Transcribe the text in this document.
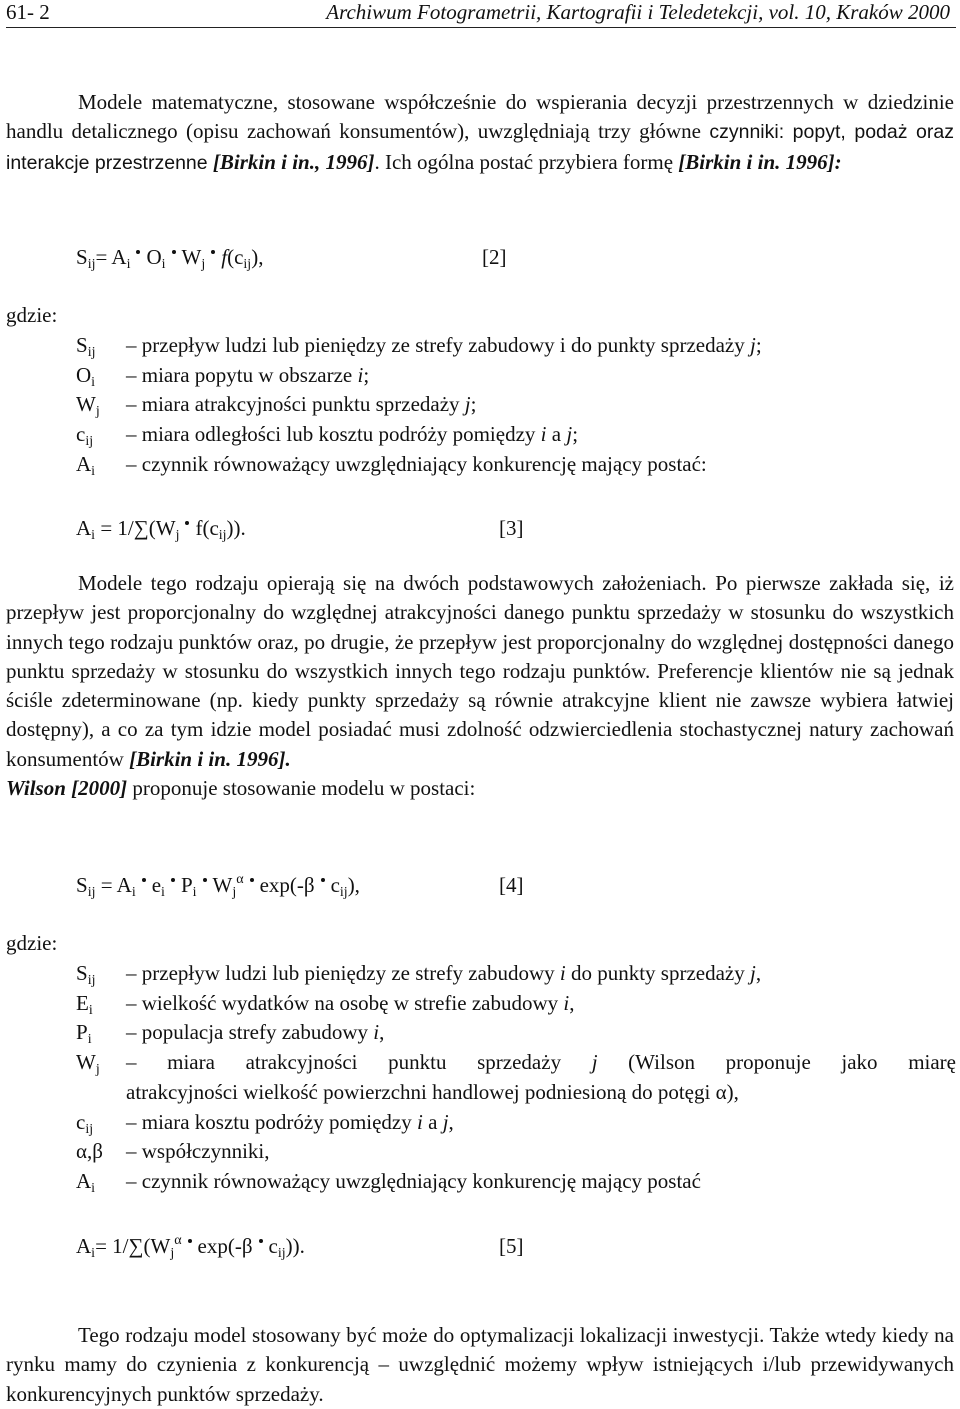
61- 2	Archiwum Fotogrametrii, Kartografii i Teledetekcji, vol. 10, Kraków 2000
Modele matematyczne, stosowane współcześnie do wspierania decyzji przestrzennych w dziedzinie handlu detalicznego (opisu zachowań konsumentów), uwzględniają trzy główne czynniki: popyt, podaż oraz interakcje przestrzenne [Birkin i in., 1996]. Ich ogólna postać przybiera formę [Birkin i in. 1996]:
$S_{ij}= A_i$ $O_i$ $W_j$ $f(c_{ij})$,	[2]
gdzie:
$S_{ij}$	– przepływ ludzi lub pieniędzy ze strefy zabudowy i do punkty sprzedaży j;
$O_i$	– miara popytu w obszarze i;
$W_j$	– miara atrakcyjności punktu sprzedaży j;
$c_{ij}$	– miara odległości lub kosztu podróży pomiędzy i a j;
$A_i$	– czynnik równoważący uwzględniający konkurencję mający postać:
$A_i = 1/\sum(W_j$ $f(c_{ij})$).	[3]
Modele tego rodzaju opierają się na dwóch podstawowych założeniach. Po pierwsze zakłada się, iż przepływ jest proporcjonalny do względnej atrakcyjności danego punktu sprzedaży w stosunku do wszystkich innych tego rodzaju punktów oraz, po drugie, że przepływ jest proporcjonalny do względnej dostępności danego punktu sprzedaży w stosunku do wszystkich innych tego rodzaju punktów. Preferencje klientów nie są jednak ściśle zdeterminowane (np. kiedy punkty sprzedaży są równie atrakcyjne klient nie zawsze wybiera łatwiej dostępny), a co za tym idzie model posiadać musi zdolność odzwierciedlenia stochastycznej natury zachowań konsumentów [Birkin i in. 1996].
Wilson [2000] proponuje stosowanie modelu w postaci:
$S_{ij} = A_i$ $e_i$ $P_i$ $W_j^\alpha$ exp(-β $c_{ij}$),	[4]
gdzie:
$S_{ij}$	– przepływ ludzi lub pieniędzy ze strefy zabudowy i do punkty sprzedaży j,
$E_i$	– wielkość wydatków na osobę w strefie zabudowy i,
$P_i$	– populacja strefy zabudowy i,
$W_j$	– miara atrakcyjności punktu sprzedaży j (Wilson proponuje jako miarę
atrakcyjności wielkość powierzchni handlowej podniesioną do potęgi α),
$c_{ij}$	– miara kosztu podróży pomiędzy i a j,
α,β	– współczynniki,
$A_i$	– czynnik równoważący uwzględniający konkurencję mający postać
$A_i= 1/\sum(W_j^\alpha$ exp(-β $c_{ij}$)).	[5]
Tego rodzaju model stosowany być może do optymalizacji lokalizacji inwestycji. Także wtedy kiedy na rynku mamy do czynienia z konkurencją – uwzględnić możemy wpływ istniejących i/lub przewidywanych konkurencyjnych punktów sprzedaży.
